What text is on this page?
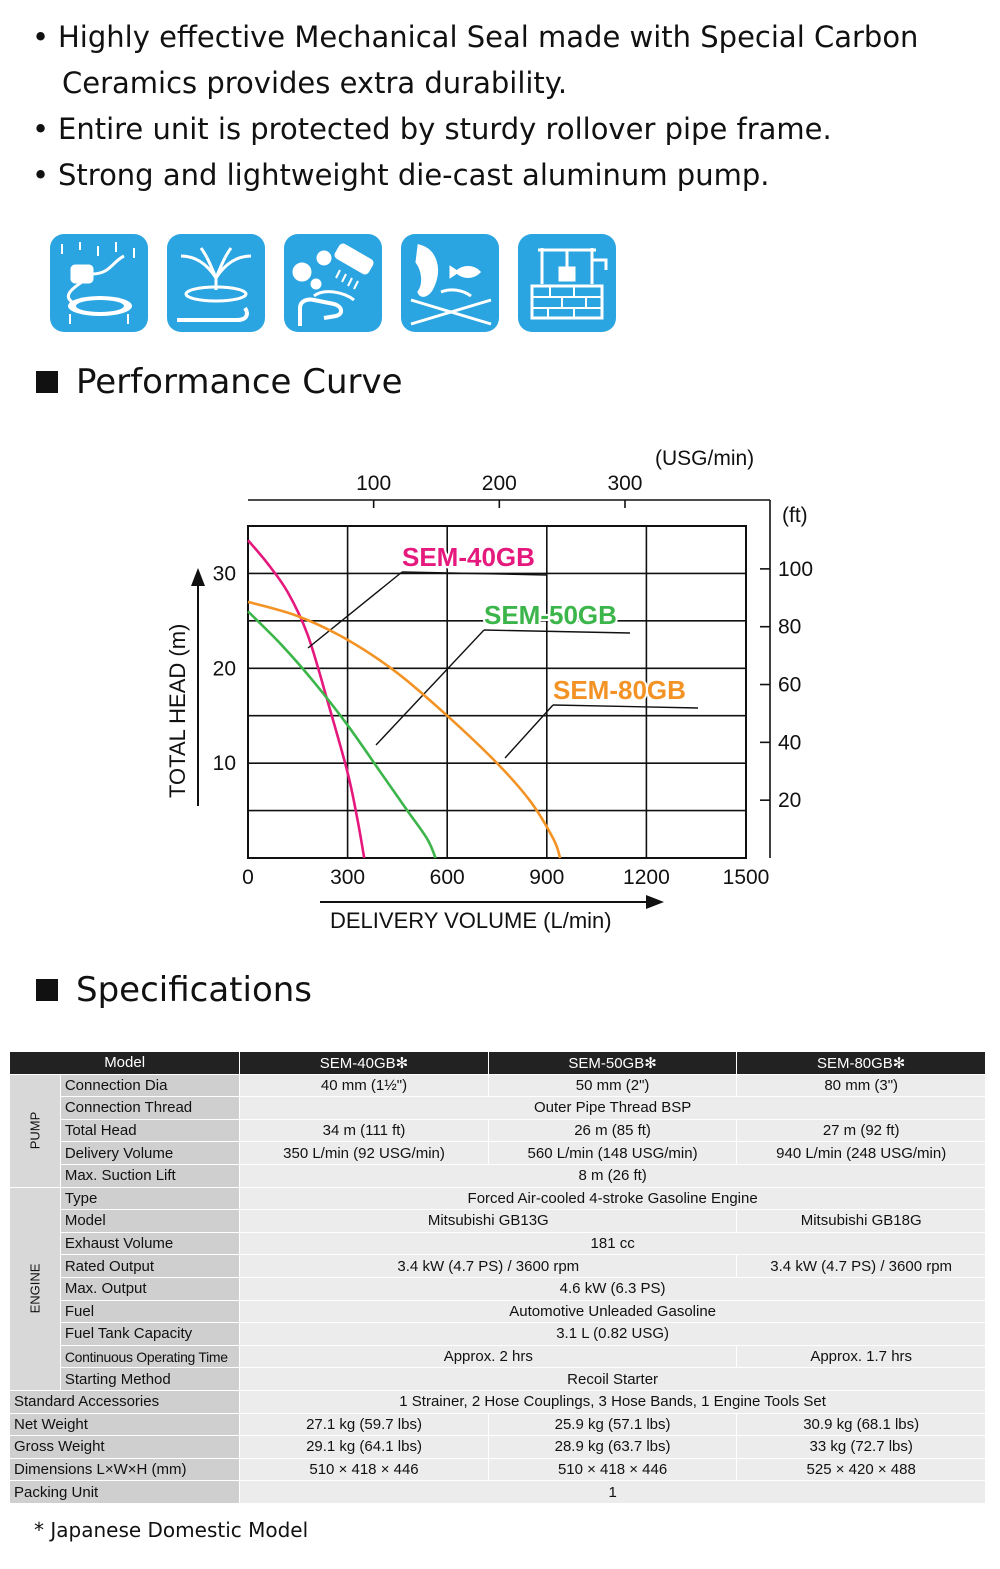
• Highly effective Mechanical Seal made with Special Carbon
Ceramics provides extra durability.
• Entire unit is protected by sturdy rollover pipe frame.
• Strong and lightweight die-cast aluminum pump.
Performance Curve
0	300	600	900	1200	1500
10
20
30
100	200	300
(USG/min)
20
40
60
80
100
(ft)
DELIVERY VOLUME (L/min)
TOTAL HEAD (m)
SEM-40GB
SEM-50GB
SEM-80GB
Specifications
Model		SEM-40GB✻	SEM-50GB✻	SEM-80GB✻
PUMP	Connection Dia	40 mm (1½")	50 mm (2")	80 mm (3")
	Connection Thread	Outer Pipe Thread BSP		
	Total Head	34 m (111 ft)	26 m (85 ft)	27 m (92 ft)
	Delivery Volume	350 L/min (92 USG/min)	560 L/min (148 USG/min)	940 L/min (248 USG/min)
	Max. Suction Lift	8 m (26 ft)		
ENGINE	Type	Forced Air-cooled 4-stroke Gasoline Engine		
	Model	Mitsubishi GB13G		Mitsubishi GB18G
	Exhaust Volume	181 cc		
	Rated Output	3.4 kW (4.7 PS) / 3600 rpm		3.4 kW (4.7 PS) / 3600 rpm
	Max. Output	4.6 kW (6.3 PS)		
	Fuel	Automotive Unleaded Gasoline		
	Fuel Tank Capacity	3.1 L (0.82 USG)		
	Continuous Operating Time	Approx. 2 hrs		Approx. 1.7 hrs
	Starting Method	Recoil Starter		
Standard Accessories		1 Strainer, 2 Hose Couplings, 3 Hose Bands, 1 Engine Tools Set		
Net Weight		27.1 kg (59.7 lbs)	25.9 kg (57.1 lbs)	30.9 kg (68.1 lbs)
Gross Weight		29.1 kg (64.1 lbs)	28.9 kg (63.7 lbs)	33 kg (72.7 lbs)
Dimensions L×W×H (mm)		510 × 418 × 446	510 × 418 × 446	525 × 420 × 488
Packing Unit		1		
* Japanese Domestic Model
